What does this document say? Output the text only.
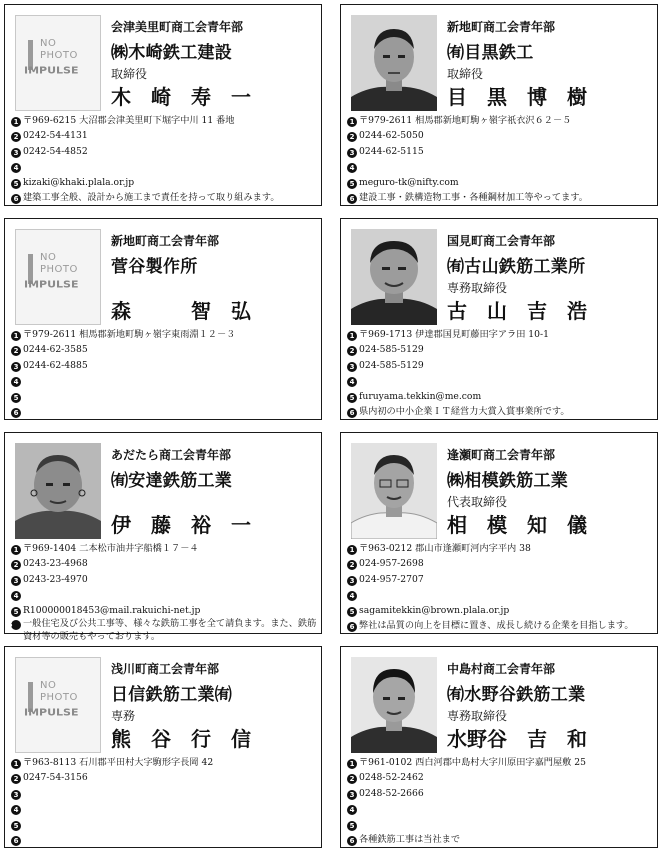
NO
PHOTO
IMPULSE
会津美里町商工会青年部
㈱木崎鉄工建設
取締役
木　崎　寿　一
1 〒969-6215 大沼郡会津美里町下堀字中川 11 番地
2 0242-54-4131
3 0242-54-4852
4
5 kizaki@khaki.plala.or.jp
6 建築工事全般、設計から施工まで責任を持って取り組みます。
新地町商工会青年部
㈲目黒鉄工
取締役
目　黒　博　樹
1 〒979-2611 相馬郡新地町駒ヶ嶺字祇衣沢６２－５
2 0244-62-5050
3 0244-62-5115
4
5 meguro-tk@nifty.com
6 建設工事・鉄構造物工事・各種鋼材加工等やってます。
NO
PHOTO
IMPULSE
新地町商工会青年部
菅谷製作所
森　　　智　弘
1 〒979-2611 相馬郡新地町駒ヶ嶺字東雨淵１２－３
2 0244-62-3585
3 0244-62-4885
4
5
6
国見町商工会青年部
㈲古山鉄筋工業所
専務取締役
古　山　吉　浩
1 〒969-1713 伊達郡国見町藤田字アラ田 10-1
2 024-585-5129
3 024-585-5129
4
5 furuyama.tekkin@me.com
6 県内初の中小企業ＩＴ経営力大賞入賞事業所です。
あだたら商工会青年部
㈲安達鉄筋工業
伊　藤　裕　一
1 〒969-1404 二本松市油井字船橋１７－４
2 0243-23-4968
3 0243-23-4970
4
5 R100000018453@mail.rakuichi-net.jp
6 一般住宅及び公共工事等、様々な鉄筋工事を全て請負ます。また、鉄筋資材等の販売もやっております。
逢瀬町商工会青年部
㈱相模鉄筋工業
代表取締役
相　模　知　儀
1 〒963-0212 郡山市逢瀬町河内字平内 38
2 024-957-2698
3 024-957-2707
4
5 sagamitekkin@brown.plala.or.jp
6 弊社は品質の向上を目標に置き、成長し続ける企業を目指します。
NO
PHOTO
IMPULSE
浅川町商工会青年部
日信鉄筋工業㈲
専務
熊　谷　行　信
1 〒963-8113 石川郡平田村大字駒形字長岡 42
2 0247-54-3156
3
4
5
6
中島村商工会青年部
㈲水野谷鉄筋工業
専務取締役
水野谷　吉　和
1 〒961-0102 西白河郡中島村大字川原田字嘉門屋敷 25
2 0248-52-2462
3 0248-52-2666
4
5
6 各種鉄筋工事は当社まで
